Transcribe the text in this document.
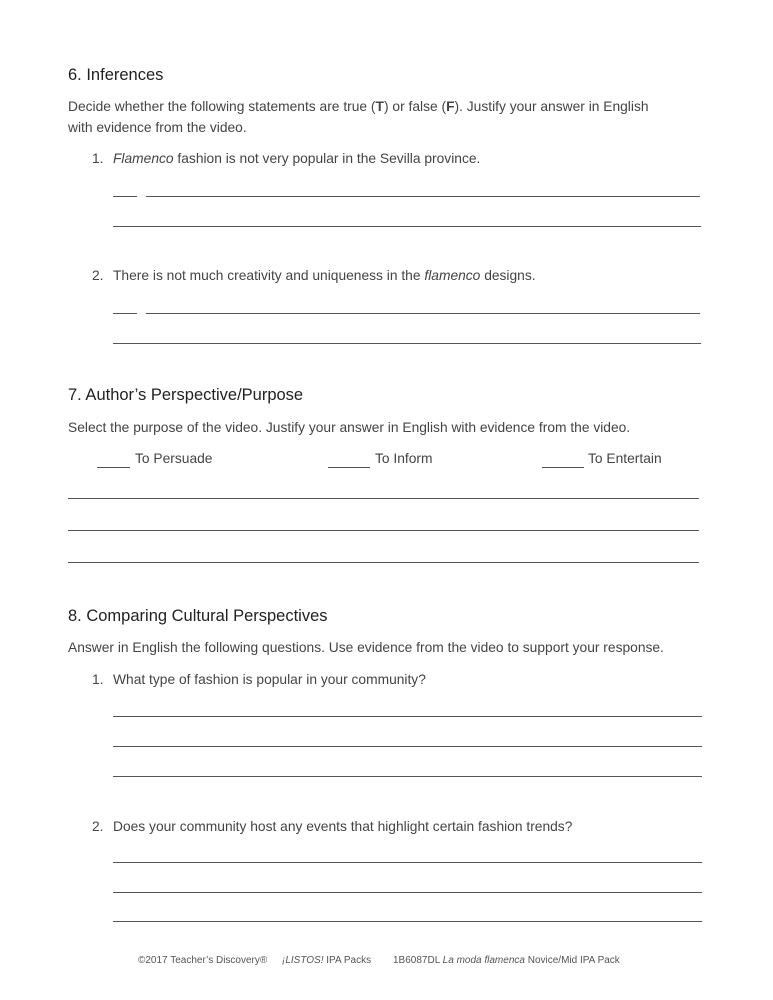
6. Inferences
Decide whether the following statements are true (T) or false (F). Justify your answer in English
with evidence from the video.
1. Flamenco fashion is not very popular in the Sevilla province.
2. There is not much creativity and uniqueness in the flamenco designs.
7. Author’s Perspective/Purpose
Select the purpose of the video. Justify your answer in English with evidence from the video.
To Persuade	To Inform	To Entertain
8. Comparing Cultural Perspectives
Answer in English the following questions. Use evidence from the video to support your response.
1. What type of fashion is popular in your community?
2. Does your community host any events that highlight certain fashion trends?
©2017 Teacher’s Discovery® ¡LISTOS! IPA Packs 1B6087DL La moda flamenca Novice/Mid IPA Pack
